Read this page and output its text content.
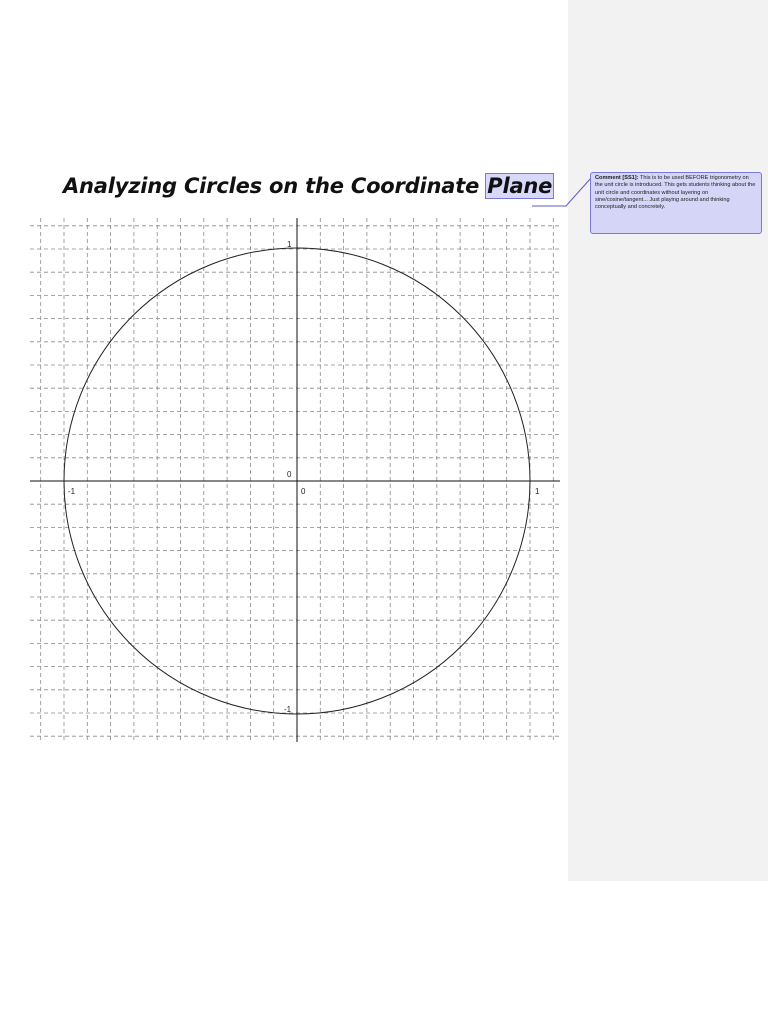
Analyzing Circles on the Coordinate Plane
-1	0	1
1
0
-1
Comment [SS1]: This is to be used BEFORE trigonometry on the unit circle is introduced. This gets students thinking about the unit circle and coordinates without layering on sine/cosine/tangent... Just playing around and thinking conceptually and concretely.
